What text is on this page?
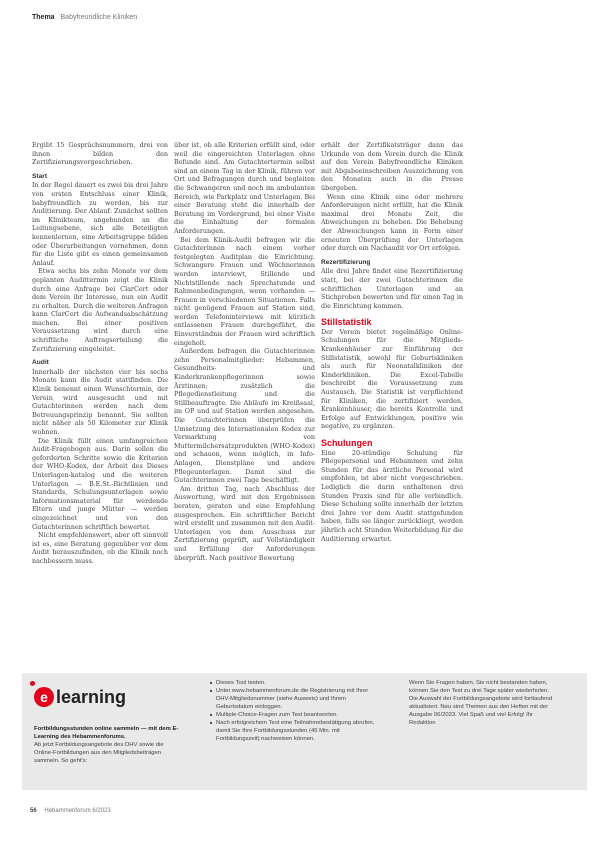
Thema Babyfreundliche Kliniken

Ergibt 15 Gesprächsnummern, drei von ihnen bilden den Zertifizierungsvorgeschrieben.

Start

In der Regel dauert es zwei bis drei Jahre von ersten Entschluss einer Klinik, babyfreundlich zu werden, bis zur Auditierung. Der Ablauf: Zunächst sollten im Klinikteam, angebunden an die Leitungsebene, sich alle Beteiligten kennenlernen, eine Arbeitsgruppe bilden oder Überarbeitungen vornehmen, denn für die Liste gibt es einen gemeinsamen Anlauf.

Etwa sechs bis zehn Monate vor dem geplanten Audittermin zeigt die Klinik durch eine Anfrage bei ClarCert oder dem Verein ihr Interesse, nun ein Audit zu erhalten. Durch die weiteren Anfragen kann ClarCert die Aufwandsabschätzung machen. Bei einer positiven Voraussetzung wird durch eine schriftliche Auftragserteilung die Zertifizierung eingeleitet.

Audit

Innerhalb der nächsten vier bis sechs Monate kann die Audit stattfinden. Die Klinik benennt einen Wunschtermin, der Verein wird ausgesucht und mit Gutachterinnen werden nach dem Betreuungsprinzip benannt. Sie sollten nicht näher als 50 Kilometer zur Klinik wohnen.

Die Klinik füllt einen umfangreichen Audit-Fragebogen aus. Darin sollen die geforderten Schritte sowie die Kriterien der WHO-Kodex, der Arbeit des Dieses Unterlagen-katalog und die weiteren Unterlagen — B.E.St.-Richtlinien und Standards, Schulungsunterlagen sowie Informationsmaterial für werdende Eltern und junge Mütter — werden eingezeichnet und von den Gutachterinnen schriftlich bewertet.

Nicht empfehlenswert, aber oft sinnvoll ist es, eine Beratung gegenüber vor dem Audit herauszufinden, ob die Klinik noch nachbessern muss.

über ist, ob alle Kriterien erfüllt sind, oder weil die eingereichten Unterlagen ohne Befunde sind. Am Gutachtertermin selbst sind an einem Tag in der Klinik, führen vor Ort und Befragungen durch und begleiten die Schwangeren und noch im ambulanten Bereich, wie Parkplatz und Unterlagen. Bei einer Beratung steht die innerhalb der Beratung im Vordergrund, bei einer Visite die Einhaltung der formalen Anforderungen.

Bei dem Klinik-Audit befragen wir die Gutachterinnen nach einem vorher festgelegten Auditplan die Einrichtung. Schwangere Frauen und Wöchnerinnen werden interviewt, Stillende und Nichtstillende nach Sprechstunde und Rahmenbedingungen, wenn vorhanden — Frauen in verschiedenen Situationen. Falls nicht genügend Frauen auf Station sind, werden Telefoninterviews mit kürzlich entlassenen Frauen durchgeführt, die Einverständnis der Frauen wird schriftlich eingeholt.

Außerdem befragen die Gutachterinnen zehn Personalmitglieder: Hebammen, Gesundheits- und Kinderkrankenpflegerinnen sowie Ärztinnen; zusätzlich die Pflegedienstleitung und die Stillbeauftragte. Die Abläufe im Kreißsaal, im OP und auf Station werden angesehen. Die Gutachterinnen überprüfen die Umsetzung des Internationalen Kodex zur Vermarktung von Muttermilchersatzprodukten (WHO-Kodex) und schauen, wenn möglich, in Info-Anlagen, Dienstpläne und andere Pflegeunterlagen. Damit sind die Gutachterinnen zwei Tage beschäftigt.

Am dritten Tag, nach Abschluss der Auswertung, wird mit den Ergebnissen beraten, geraten und eine Empfehlung ausgesprochen. Ein schriftlicher Bericht wird erstellt und zusammen mit den Audit-Unterlagen von dem Ausschuss zur Zertifizierung geprüft, auf Vollständigkeit und Erfüllung der Anforderungen überprüft. Nach positiver Bewertung

erhält der Zertifikatsträger dann das Urkunde von dem Verein durch die Klinik auf den Verein Babyfreundliche Kliniken mit Abgabeeinschreiben Auszeichnung von den Monaten auch in die Presse übergeben.

Wenn eine Klinik eine oder mehrere Anforderungen nicht erfüllt, hat die Klinik maximal drei Monate Zeit, die Abweichungen zu beheben. Die Behebung der Abweichungen kann in Form einer erneuten Überprüfung der Unterlagen oder durch ein Nachaudit vor Ort erfolgen.

Rezertifizierung

Alle drei Jahre findet eine Rezertifizierung statt, bei der zwei Gutachterinnen die schriftlichen Unterlagen und an Stichproben bewerten und für einen Tag in die Einrichtung kommen.

Stillstatistik

Der Verein bietet regelmäßige Online-Schulungen für die Mitglieds-Krankenhäuser zur Einführung der Stillstatistik, sowohl für Geburtskliniken als auch für Neonatalkliniken der Kinderkliniken. Die Excel-Tabelle beschreibt die Voraussetzung zum Austausch. Die Statistik ist verpflichtend für Kliniken, die zertifiziert werden, Krankenhäuser, die bereits Kontrolle und Erfolge auf Entwicklungen, positive wie negative, zu ergänzen.

Schulungen

Eine 20-stündige Schulung für Pflegepersonal und Hebammen und zehn Stunden für das ärztliche Personal wird empfohlen, ist aber nicht vorgeschrieben. Lediglich die darin enthaltenen drei Stunden Praxis sind für alle verbindlich. Diese Schulung sollte innerhalb der letzten drei Jahre vor dem Audit stattgefunden haben, falls sie länger zurückliegt, werden jährlich acht Stunden Weiterbildung für die Auditierung erwartet.

e learning
Fortbildungsstunden online sammeln — mit dem E-Learning des Hebammenforums.
Ab jetzt Fortbildungsangebote des DHV sowie die Online-Fortbildungen aus den Mitgliedsbeiträgen sammeln. So geht's:
■ Dieses Tool testen.
■ Unter www.hebammenforum.de die Registrierung mit Ihrer DHV-Mitgliedsnummer (siehe Ausweis) und Ihrem Geburtsdatum einloggen.
■ Multiple-Choice-Fragen zum Text beantworten.
■ Nach erfolgreichem Test eine Teilnahmebestätigung abrufen, damit Sie Ihre Fortbildungsstunden (45 Min. mit Fortbildungszeit) nachweisen können.
Wenn Sie Fragen haben, Sie nicht bestanden haben, können Sie den Test zu drei Tage später wiederholen. Die Auswahl der Fortbildungsangebote wird fortlaufend aktualisiert. Neu sind Themen aus den Heften mit der Ausgabe 06/2023. Viel Spaß und viel Erfolg! Ihr Redaktion
56 Hebammenforum 6/2023
